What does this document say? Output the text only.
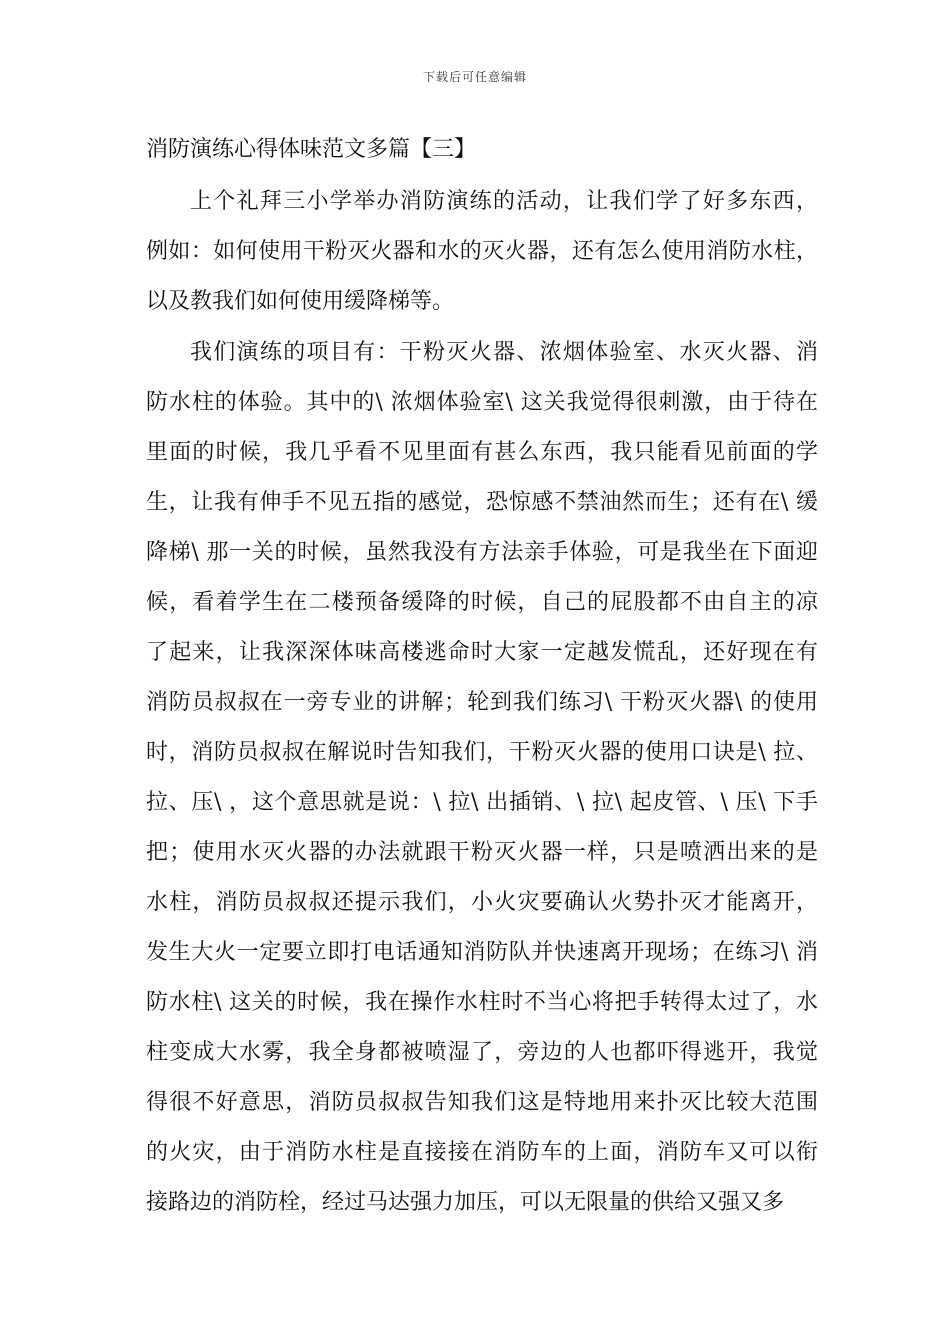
下载后可任意编辑
消防演练心得体味范文多篇【三】
上个礼拜三小学举办消防演练的活动，让我们学了好多东西，
例如：如何使用干粉灭火器和水的灭火器，还有怎么使用消防水柱，
以及教我们如何使用缓降梯等。
我们演练的项目有：干粉灭火器、浓烟体验室、水灭火器、消
防水柱的体验。其中的\ 浓烟体验室\ 这关我觉得很刺激，由于待在
里面的时候，我几乎看不见里面有甚么东西，我只能看见前面的学
生，让我有伸手不见五指的感觉，恐惊感不禁油然而生；还有在\ 缓
降梯\ 那一关的时候，虽然我没有方法亲手体验，可是我坐在下面迎
候，看着学生在二楼预备缓降的时候，自己的屁股都不由自主的凉
了起来，让我深深体味高楼逃命时大家一定越发慌乱，还好现在有
消防员叔叔在一旁专业的讲解；轮到我们练习\ 干粉灭火器\ 的使用
时，消防员叔叔在解说时告知我们，干粉灭火器的使用口诀是\ 拉、
拉、压\ ，这个意思就是说：\ 拉\ 出插销、\ 拉\ 起皮管、\ 压\ 下手
把；使用水灭火器的办法就跟干粉灭火器一样，只是喷洒出来的是
水柱，消防员叔叔还提示我们，小火灾要确认火势扑灭才能离开，
发生大火一定要立即打电话通知消防队并快速离开现场；在练习\ 消
防水柱\ 这关的时候，我在操作水柱时不当心将把手转得太过了，水
柱变成大水雾，我全身都被喷湿了，旁边的人也都吓得逃开，我觉
得很不好意思，消防员叔叔告知我们这是特地用来扑灭比较大范围
的火灾，由于消防水柱是直接接在消防车的上面，消防车又可以衔
接路边的消防栓，经过马达强力加压，可以无限量的供给又强又多
